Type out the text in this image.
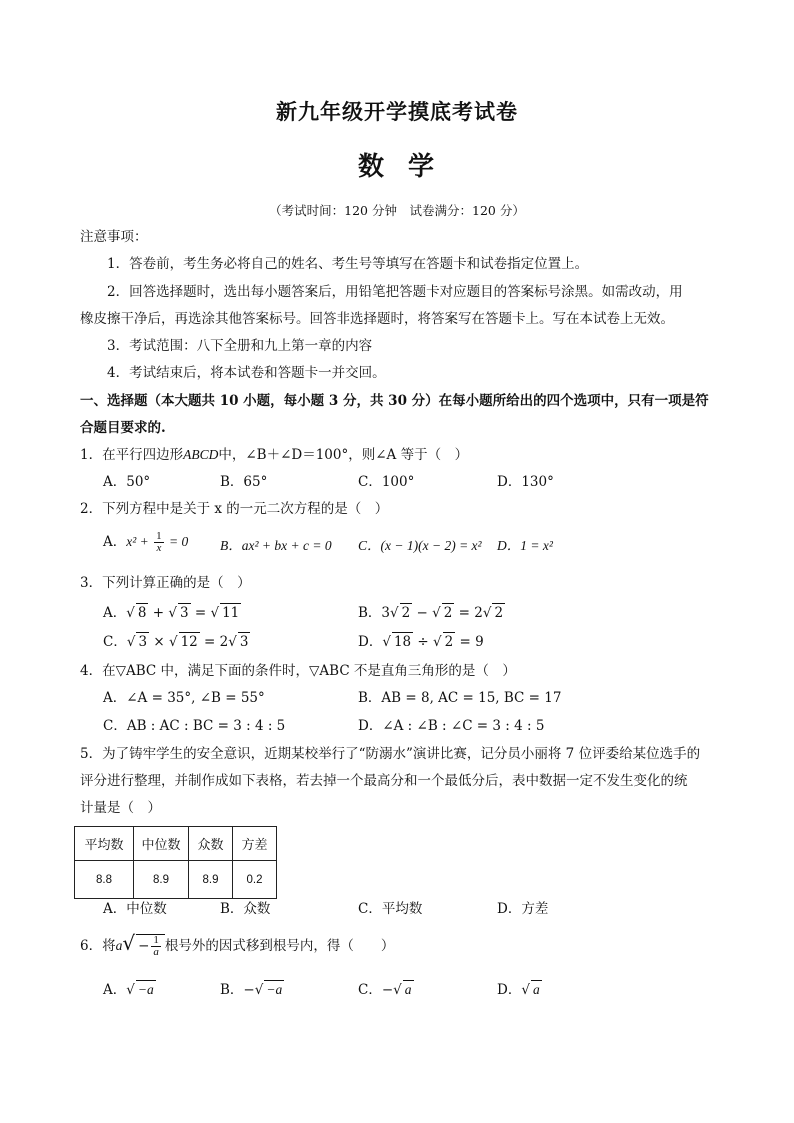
新九年级开学摸底考试卷
数  学
（考试时间：120 分钟　试卷满分：120 分）
注意事项：
1．答卷前，考生务必将自己的姓名、考生号等填写在答题卡和试卷指定位置上。
2．回答选择题时，选出每小题答案后，用铅笔把答题卡对应题目的答案标号涂黑。如需改动，用
橡皮擦干净后，再选涂其他答案标号。回答非选择题时，将答案写在答题卡上。写在本试卷上无效。
3．考试范围：八下全册和九上第一章的内容
4．考试结束后，将本试卷和答题卡一并交回。
一、选择题（本大题共 10 小题，每小题 3 分，共 30 分）在每小题所给出的四个选项中，只有一项是符
合题目要求的.
1．在平行四边形ABCD中，∠B＋∠D＝100°，则∠A 等于（　）
A．50°	B．65°	C．100°	D．130°
2．下列方程中是关于 x 的一元二次方程的是（　）
A．$x^2 + \frac{1}{x} = 0$ B．ax² + bx + c = 0 C．(x − 1)(x − 2) = x² D．1 = x²
3．下列计算正确的是（　）
A．√ 8 + √ 3 = √ 11	B．3√ 2 − √ 2 = 2√ 2
C．√ 3 × √ 12 = 2√ 3	D．√ 18 ÷ √ 2 = 9
4．在▽ABC 中，满足下面的条件时，▽ABC 不是直角三角形的是（　）
A．∠A = 35°, ∠B = 55°	B．AB = 8, AC = 15, BC = 17
C．AB : AC : BC = 3 : 4 : 5	D．∠A : ∠B : ∠C = 3 : 4 : 5
5．为了铸牢学生的安全意识，近期某校举行了“防溺水”演讲比赛，记分员小丽将 7 位评委给某位选手的
评分进行整理，并制作成如下表格，若去掉一个最高分和一个最低分后，表中数据一定不发生变化的统
计量是（　）
平均数	中位数	众数	方差
8.8	8.9	8.9	0.2
A．中位数	B．众数	C．平均数	D．方差
6．将$a√ - \frac{1}{a}$ 根号外的因式移到根号内，得（　　）
A．√ −a	B．−√ −a	C．−√ a	D．√ a
